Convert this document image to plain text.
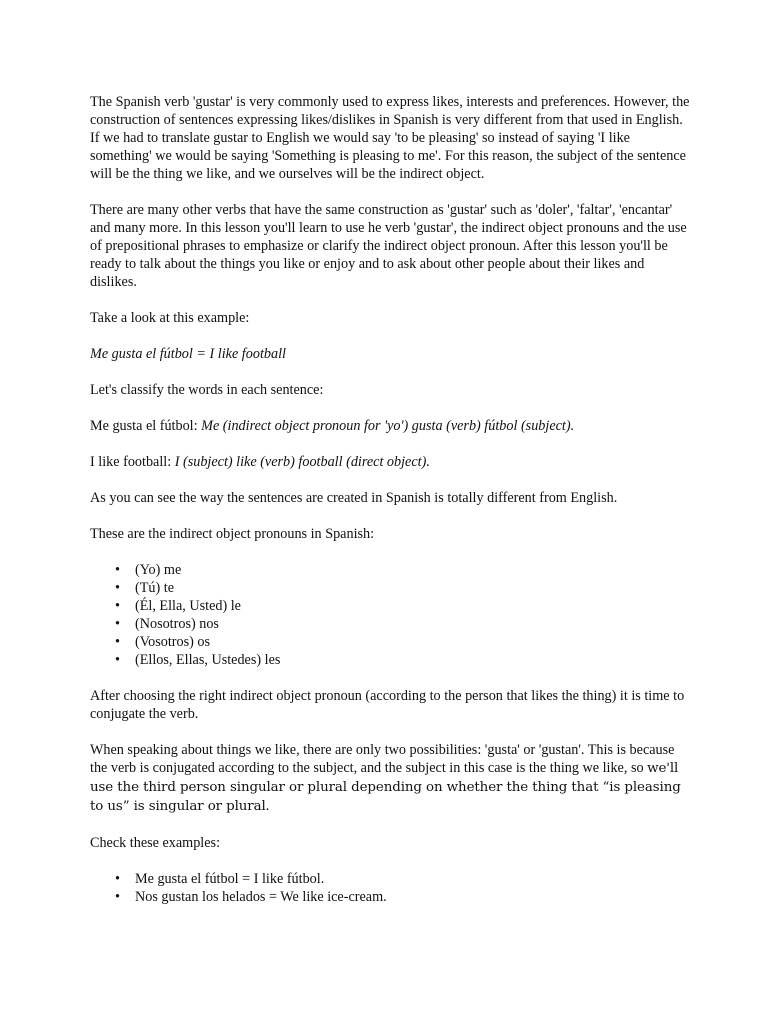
The Spanish verb 'gustar' is very commonly used to express likes, interests and preferences. However, the construction of sentences expressing likes/dislikes in Spanish is very different from that used in English. If we had to translate gustar to English we would say 'to be pleasing' so instead of saying 'I like something' we would be saying 'Something is pleasing to me'. For this reason, the subject of the sentence will be the thing we like, and we ourselves will be the indirect object.

There are many other verbs that have the same construction as 'gustar' such as 'doler', 'faltar', 'encantar' and many more. In this lesson you'll learn to use he verb 'gustar', the indirect object pronouns and the use of prepositional phrases to emphasize or clarify the indirect object pronoun. After this lesson you'll be ready to talk about the things you like or enjoy and to ask about other people about their likes and dislikes.

Take a look at this example:

Me gusta el fútbol = I like football

Let's classify the words in each sentence:

Me gusta el fútbol: Me (indirect object pronoun for 'yo') gusta (verb) fútbol (subject).

I like football: I (subject) like (verb) football (direct object).

As you can see the way the sentences are created in Spanish is totally different from English.

These are the indirect object pronouns in Spanish:

• (Yo) me
• (Tú) te
• (Él, Ella, Usted) le
• (Nosotros) nos
• (Vosotros) os
• (Ellos, Ellas, Ustedes) les

After choosing the right indirect object pronoun (according to the person that likes the thing) it is time to conjugate the verb.

When speaking about things we like, there are only two possibilities: 'gusta' or 'gustan'. This is because the verb is conjugated according to the subject, and the subject in this case is the thing we like, so we'll use the third person singular or plural depending on whether the thing that “is pleasing to us” is singular or plural.

Check these examples:

• Me gusta el fútbol = I like fútbol.
• Nos gustan los helados = We like ice-cream.
